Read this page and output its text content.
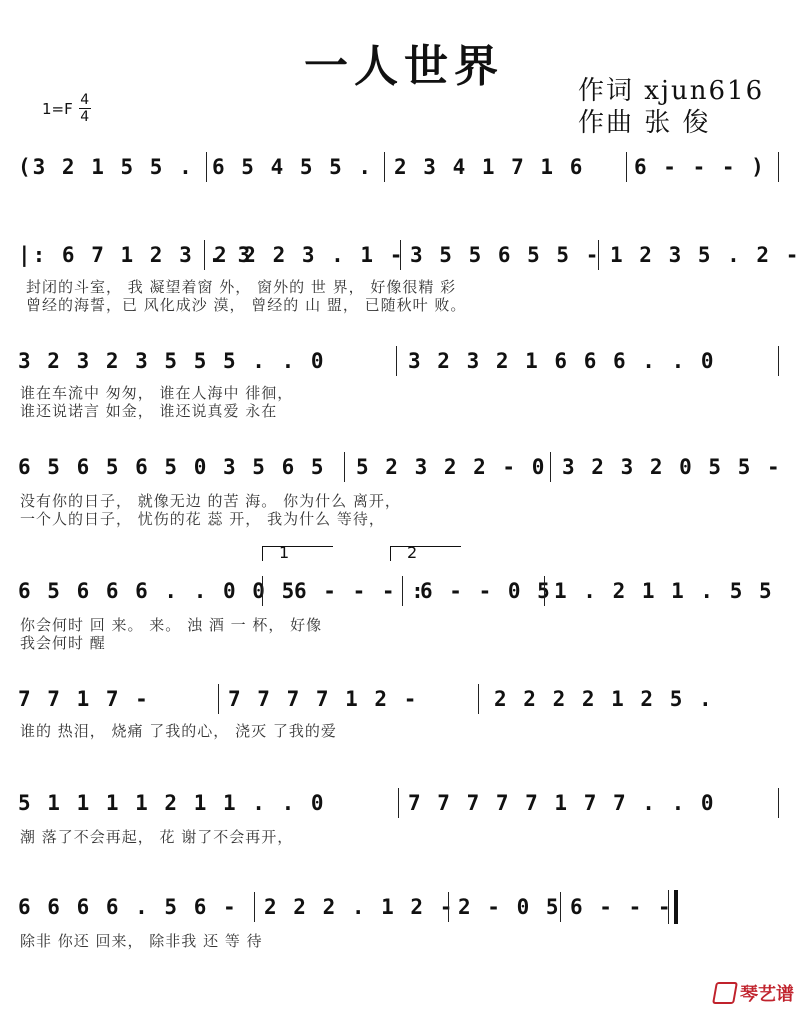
一人世界	作词 xjun616
作曲 张 俊
$1=F \frac{4}{4}$
(3 2 1 5 5 . 6 5 4 5 5 . 2 3 4 1 7 1 6 6 - - - )
|: 6 7 1 2 3 . 3
2 2 2 3 . 1 - 3 5 5 6 5 5 - 1 2 3 5 . 2 -
封闭的斗室， 我 凝望着窗 外， 窗外的 世 界， 好像很精 彩
曾经的海誓，已 风化成沙 漠， 曾经的 山 盟， 已随秋叶 败。
3 2 3 2 3 5 5 5 . . 0	3 2 3 2 1 6 6 6 . . 0
谁在车流中 匆匆， 谁在人海中 徘徊，
谁还说诺言 如金， 谁还说真爱 永在
6 5 6 5 6 5 0 3 5 6 5 5 2 3 2 2 - 0 3 2 3 2 0 5 5 -
没有你的日子， 就像无边 的苦 海。 你为什么 离开，
一个人的日子， 忧伤的花 蕊 开， 我为什么 等待，
1	2
6 5 6 6 6 . . 0 0 5
6 - - - :
6 - - 0 5 1 . 2 1 1 . 5 5
你会何时 回 来。 来。 浊 酒 一 杯， 好像
我会何时 醒
7 7 1 7 -	7 7 7 7 1 2 -	2 2 2 2 1 2 5 .
谁的 热泪， 烧痛 了我的心， 浇灭 了我的爱
5 1 1 1 1 2 1 1 . . 0	7 7 7 7 7 1 7 7 . . 0
潮 落了不会再起， 花 谢了不会再开，
6 6 6 6 . 5 6 - 2 2 2 . 1 2 - 2 - 0 5 6 - - -
除非 你还 回来， 除非我 还 等 待
琴艺谱
